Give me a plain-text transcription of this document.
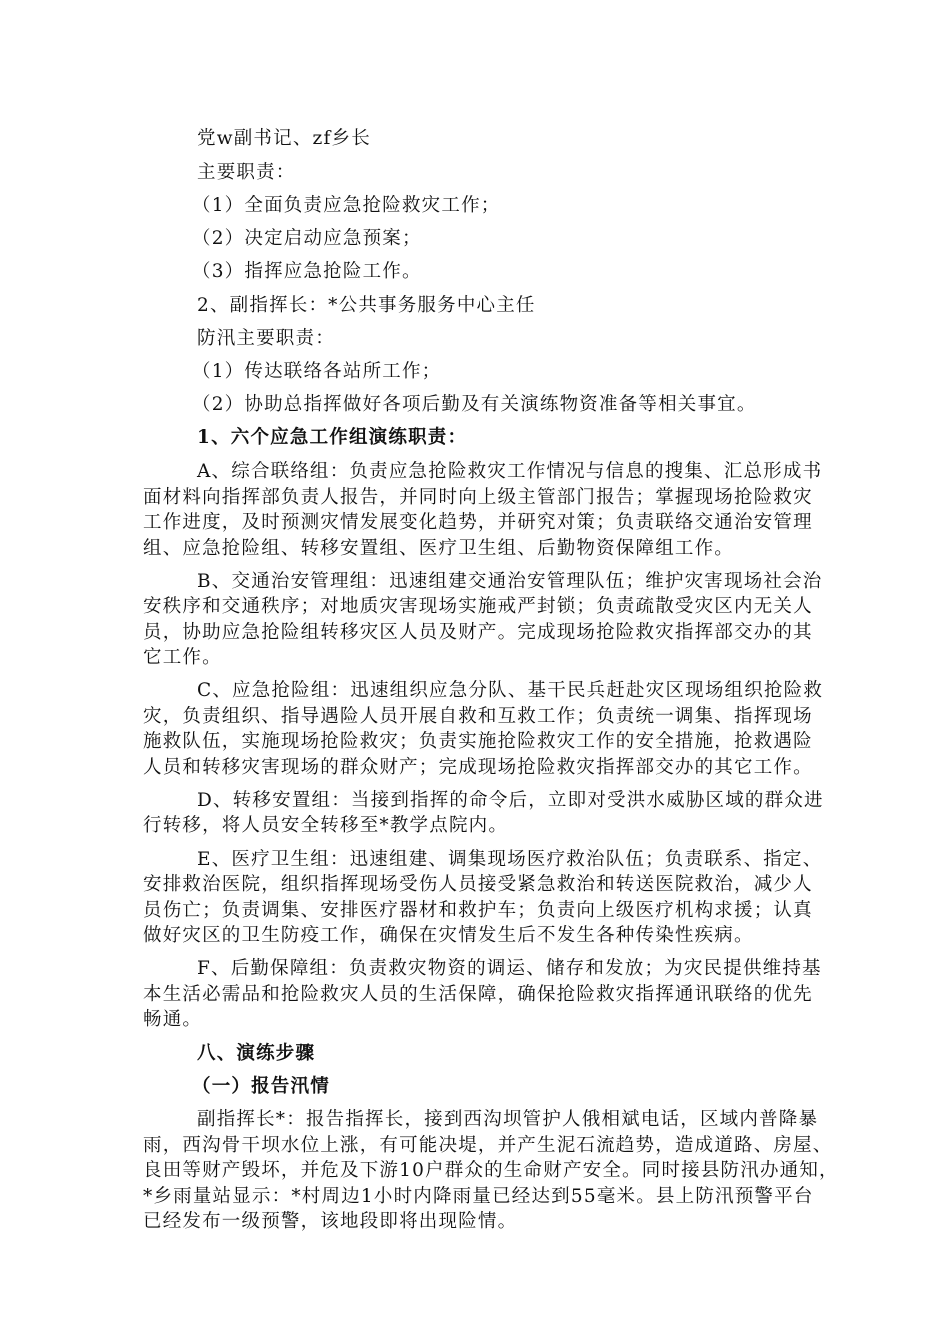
党w副书记、zf乡长
主要职责：
（1）全面负责应急抢险救灾工作；
（2）决定启动应急预案；
（3）指挥应急抢险工作。
2、副指挥长：*公共事务服务中心主任
防汛主要职责：
（1）传达联络各站所工作；
（2）协助总指挥做好各项后勤及有关演练物资准备等相关事宜。
1、六个应急工作组演练职责：
A、综合联络组：负责应急抢险救灾工作情况与信息的搜集、汇总形成书
面材料向指挥部负责人报告，并同时向上级主管部门报告；掌握现场抢险救灾
工作进度，及时预测灾情发展变化趋势，并研究对策；负责联络交通治安管理
组、应急抢险组、转移安置组、医疗卫生组、后勤物资保障组工作。
B、交通治安管理组：迅速组建交通治安管理队伍；维护灾害现场社会治
安秩序和交通秩序；对地质灾害现场实施戒严封锁；负责疏散受灾区内无关人
员，协助应急抢险组转移灾区人员及财产。完成现场抢险救灾指挥部交办的其
它工作。
C、应急抢险组：迅速组织应急分队、基干民兵赶赴灾区现场组织抢险救
灾，负责组织、指导遇险人员开展自救和互救工作；负责统一调集、指挥现场
施救队伍，实施现场抢险救灾；负责实施抢险救灾工作的安全措施，抢救遇险
人员和转移灾害现场的群众财产；完成现场抢险救灾指挥部交办的其它工作。
D、转移安置组：当接到指挥的命令后，立即对受洪水威胁区域的群众进
行转移，将人员安全转移至*教学点院内。
E、医疗卫生组：迅速组建、调集现场医疗救治队伍；负责联系、指定、
安排救治医院，组织指挥现场受伤人员接受紧急救治和转送医院救治，减少人
员伤亡；负责调集、安排医疗器材和救护车；负责向上级医疗机构求援；认真
做好灾区的卫生防疫工作，确保在灾情发生后不发生各种传染性疾病。
F、后勤保障组：负责救灾物资的调运、储存和发放；为灾民提供维持基
本生活必需品和抢险救灾人员的生活保障，确保抢险救灾指挥通讯联络的优先
畅通。
八、演练步骤
（一）报告汛情
副指挥长*：报告指挥长，接到西沟坝管护人俄相斌电话，区域内普降暴
雨，西沟骨干坝水位上涨，有可能决堤，并产生泥石流趋势，造成道路、房屋、
良田等财产毁坏，并危及下游10户群众的生命财产安全。同时接县防汛办通知，
*乡雨量站显示：*村周边1小时内降雨量已经达到55毫米。县上防汛预警平台
已经发布一级预警，该地段即将出现险情。
